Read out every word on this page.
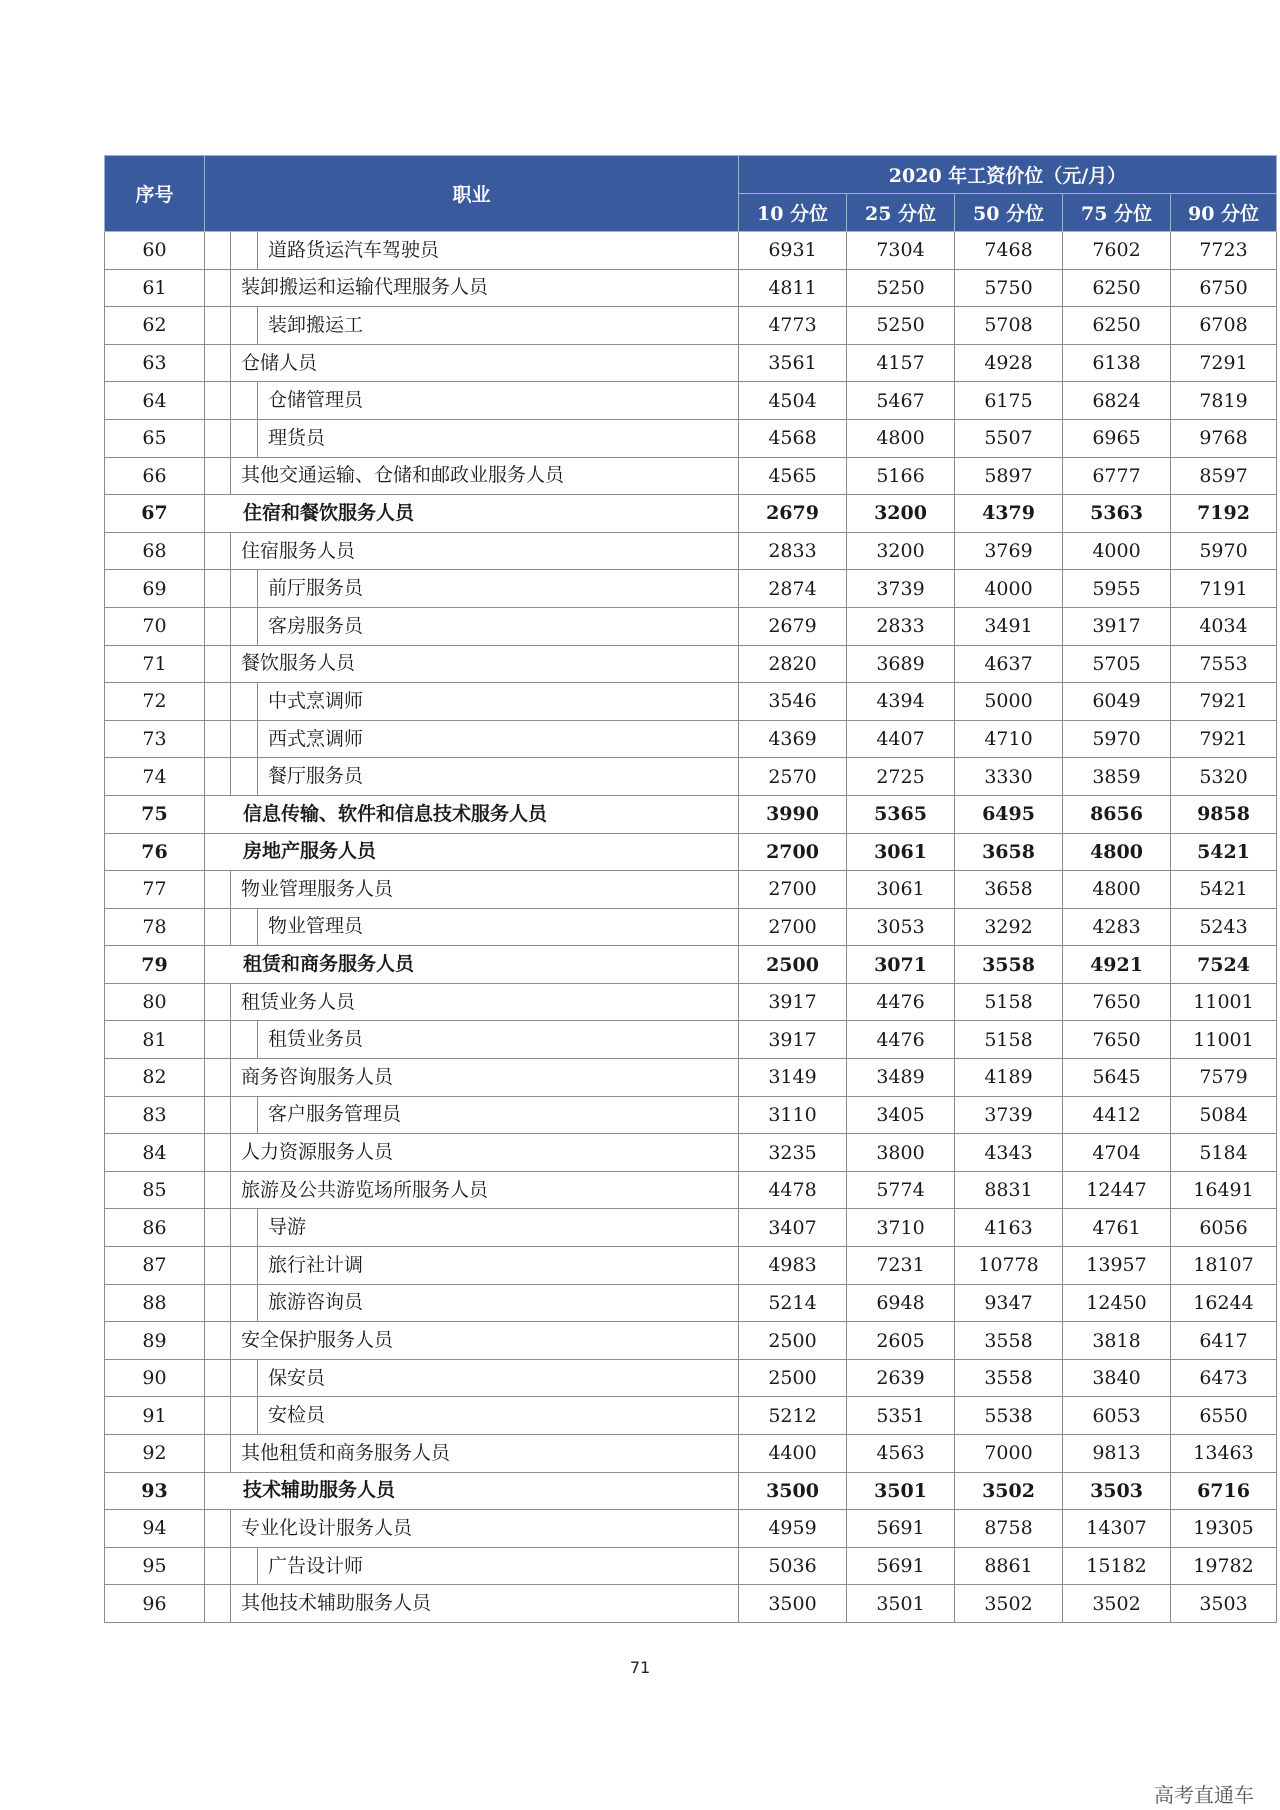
序号	职业			2020 年工资价位（元/月）				
				10 分位	25 分位	50 分位	75 分位	90 分位
60			道路货运汽车驾驶员	6931	7304	7468	7602	7723
61		装卸搬运和运输代理服务人员		4811	5250	5750	6250	6750
62			装卸搬运工	4773	5250	5708	6250	6708
63		仓储人员		3561	4157	4928	6138	7291
64			仓储管理员	4504	5467	6175	6824	7819
65			理货员	4568	4800	5507	6965	9768
66		其他交通运输、仓储和邮政业服务人员		4565	5166	5897	6777	8597
67	住宿和餐饮服务人员			2679	3200	4379	5363	7192
68		住宿服务人员		2833	3200	3769	4000	5970
69			前厅服务员	2874	3739	4000	5955	7191
70			客房服务员	2679	2833	3491	3917	4034
71		餐饮服务人员		2820	3689	4637	5705	7553
72			中式烹调师	3546	4394	5000	6049	7921
73			西式烹调师	4369	4407	4710	5970	7921
74			餐厅服务员	2570	2725	3330	3859	5320
75	信息传输、软件和信息技术服务人员			3990	5365	6495	8656	9858
76	房地产服务人员			2700	3061	3658	4800	5421
77		物业管理服务人员		2700	3061	3658	4800	5421
78			物业管理员	2700	3053	3292	4283	5243
79	租赁和商务服务人员			2500	3071	3558	4921	7524
80		租赁业务人员		3917	4476	5158	7650	11001
81			租赁业务员	3917	4476	5158	7650	11001
82		商务咨询服务人员		3149	3489	4189	5645	7579
83			客户服务管理员	3110	3405	3739	4412	5084
84		人力资源服务人员		3235	3800	4343	4704	5184
85		旅游及公共游览场所服务人员		4478	5774	8831	12447	16491
86			导游	3407	3710	4163	4761	6056
87			旅行社计调	4983	7231	10778	13957	18107
88			旅游咨询员	5214	6948	9347	12450	16244
89		安全保护服务人员		2500	2605	3558	3818	6417
90			保安员	2500	2639	3558	3840	6473
91			安检员	5212	5351	5538	6053	6550
92		其他租赁和商务服务人员		4400	4563	7000	9813	13463
93	技术辅助服务人员			3500	3501	3502	3503	6716
94		专业化设计服务人员		4959	5691	8758	14307	19305
95			广告设计师	5036	5691	8861	15182	19782
96		其他技术辅助服务人员		3500	3501	3502	3502	3503
71
高考直通车
